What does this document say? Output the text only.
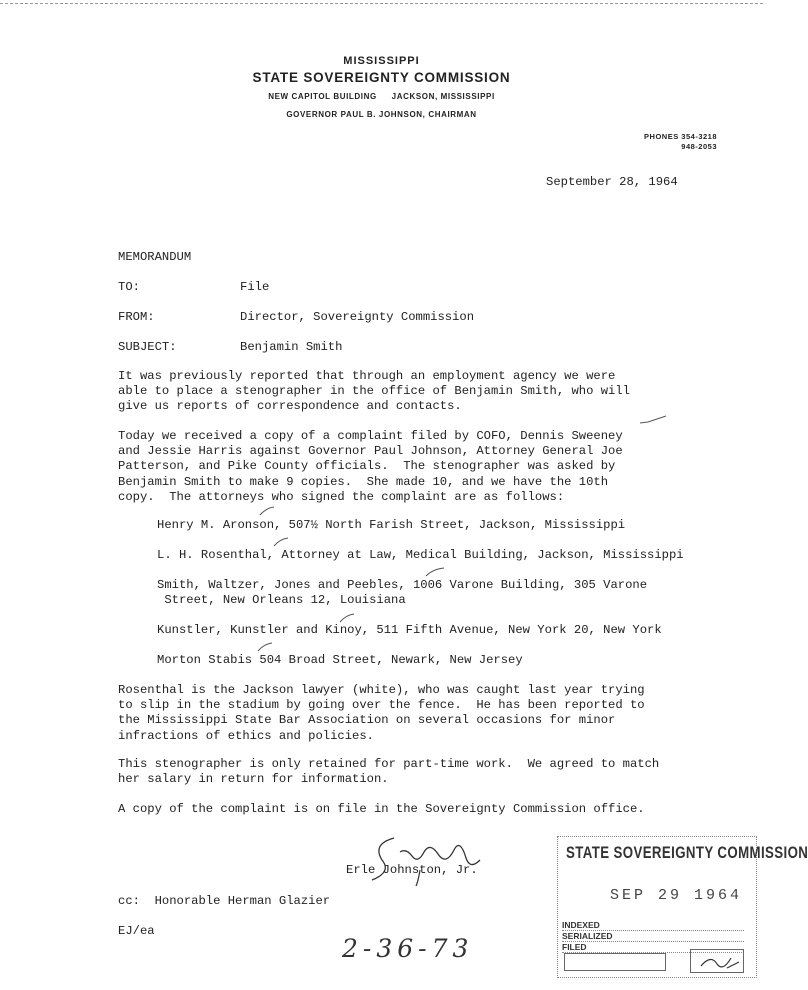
MISSISSIPPI
STATE SOVEREIGNTY COMMISSION
NEW CAPITOL BUILDING JACKSON, MISSISSIPPI
GOVERNOR PAUL B. JOHNSON, CHAIRMAN
PHONES 354-3218
948-2053
September 28, 1964
MEMORANDUM
TO:	File
FROM:	Director, Sovereignty Commission
SUBJECT:	Benjamin Smith
It was previously reported that through an employment agency we were
able to place a stenographer in the office of Benjamin Smith, who will
give us reports of correspondence and contacts.
Today we received a copy of a complaint filed by COFO, Dennis Sweeney
and Jessie Harris against Governor Paul Johnson, Attorney General Joe
Patterson, and Pike County officials.  The stenographer was asked by
Benjamin Smith to make 9 copies.  She made 10, and we have the 10th
copy.  The attorneys who signed the complaint are as follows:
Henry M. Aronson, 507½ North Farish Street, Jackson, Mississippi
L. H. Rosenthal, Attorney at Law, Medical Building, Jackson, Mississippi
Smith, Waltzer, Jones and Peebles, 1006 Varone Building, 305 Varone
Street, New Orleans 12, Louisiana
Kunstler, Kunstler and Kinoy, 511 Fifth Avenue, New York 20, New York
Morton Stabis 504 Broad Street, Newark, New Jersey
Rosenthal is the Jackson lawyer (white), who was caught last year trying
to slip in the stadium by going over the fence.  He has been reported to
the Mississippi State Bar Association on several occasions for minor
infractions of ethics and policies.
This stenographer is only retained for part-time work.  We agreed to match
her salary in return for information.
A copy of the complaint is on file in the Sovereignty Commission office.
Erle Johnston, Jr.
cc:  Honorable Herman Glazier
EJ/ea
2-36-73
STATE SOVEREIGNTY COMMISSION
SEP 29 1964
INDEXED
SERIALIZED
FILED
